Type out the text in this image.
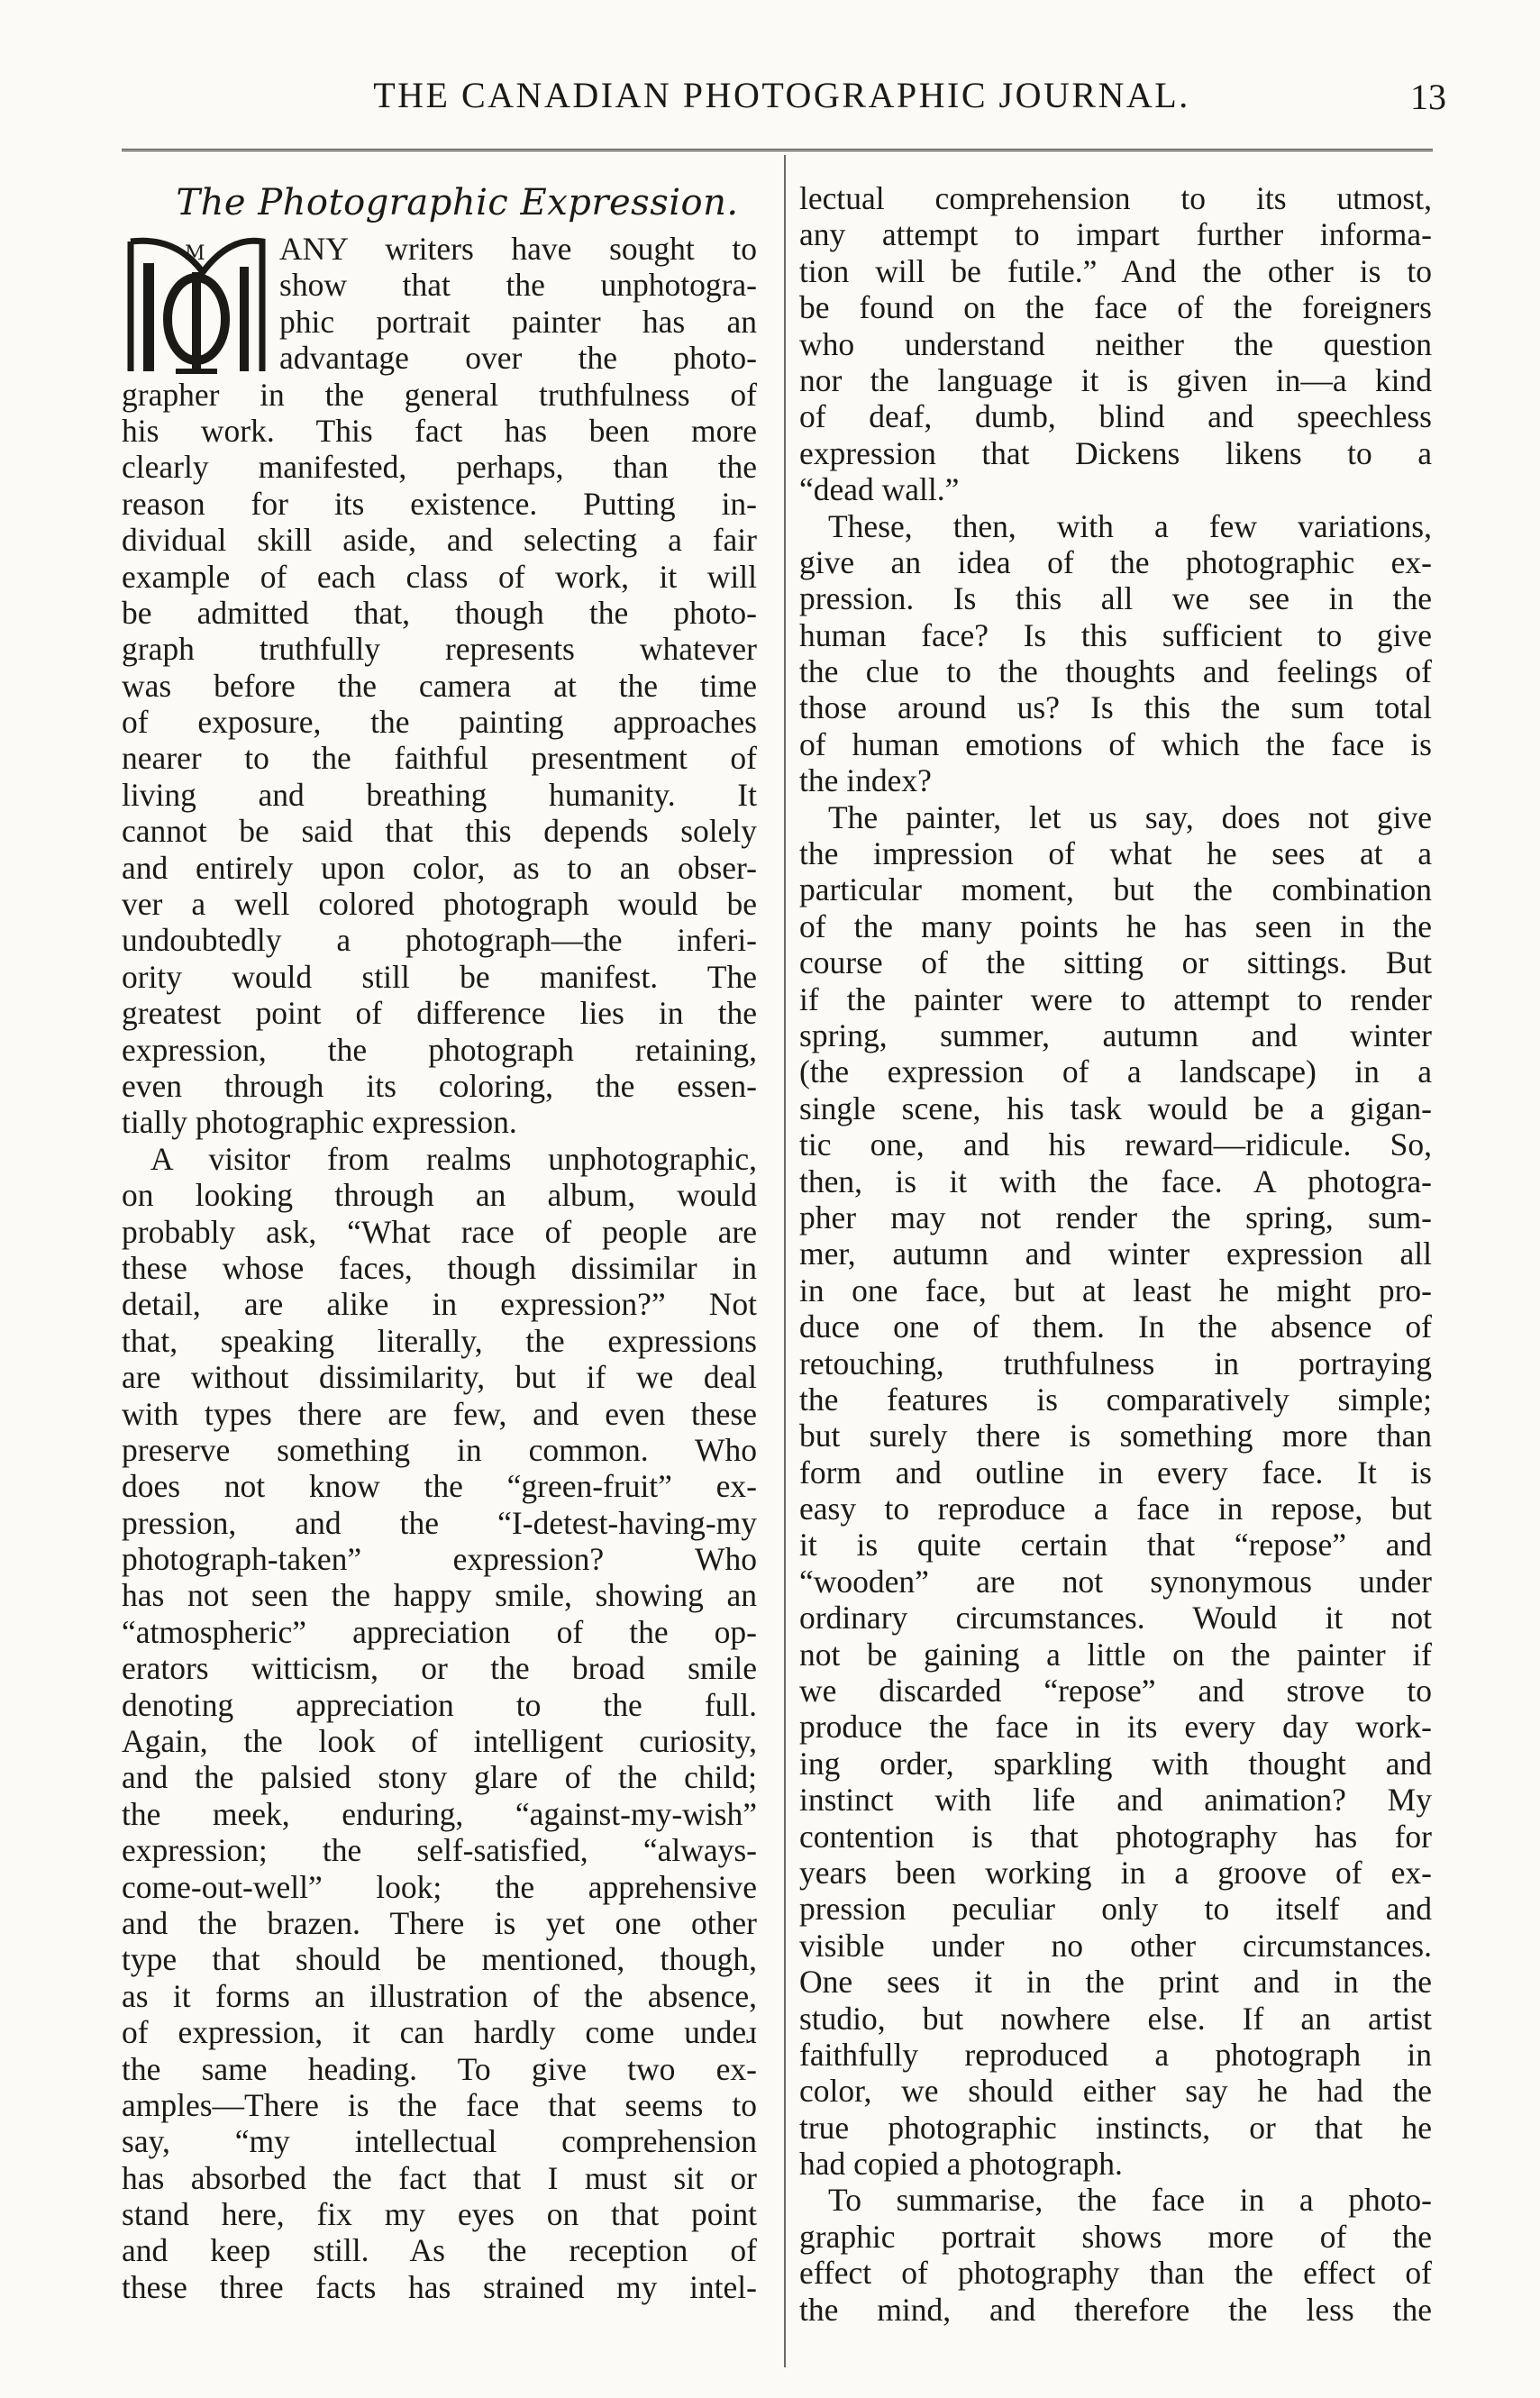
THE CANADIAN PHOTOGRAPHIC JOURNAL.	13
The Photographic Expression.
M	ANY writers have sought to
show that the unphotogra-
phic portrait painter has an
advantage over the photo-
grapher in the general truthfulness of
his work. This fact has been more
clearly manifested, perhaps, than the
reason for its existence. Putting in-
dividual skill aside, and selecting a fair
example of each class of work, it will
be admitted that, though the photo-
graph truthfully represents whatever
was before the camera at the time
of exposure, the painting approaches
nearer to the faithful presentment of
living and breathing humanity. It
cannot be said that this depends solely
and entirely upon color, as to an obser-
ver a well colored photograph would be
undoubtedly a photograph—the inferi-
ority would still be manifest. The
greatest point of difference lies in the
expression, the photograph retaining,
even through its coloring, the essen-
tially photographic expression.
A visitor from realms unphotographic,
on looking through an album, would
probably ask, “What race of people are
these whose faces, though dissimilar in
detail, are alike in expression?” Not
that, speaking literally, the expressions
are without dissimilarity, but if we deal
with types there are few, and even these
preserve something in common. Who
does not know the “green-fruit” ex-
pression, and the “I-detest-having-my
photograph-taken” expression? Who
has not seen the happy smile, showing an
“atmospheric” appreciation of the op-
erators witticism, or the broad smile
denoting appreciation to the full.
Again, the look of intelligent curiosity,
and the palsied stony glare of the child;
the meek, enduring, “against-my-wish”
expression; the self-satisfied, “always-
come-out-well” look; the apprehensive
and the brazen. There is yet one other
type that should be mentioned, though,
as it forms an illustration of the absence,
of expression, it can hardly come undeɹ
the same heading. To give two ex-
amples—There is the face that seems to
say, “my intellectual comprehension
has absorbed the fact that I must sit or
stand here, fix my eyes on that point
and keep still. As the reception of
these three facts has strained my intel-
lectual comprehension to its utmost,
any attempt to impart further informa-
tion will be futile.” And the other is to
be found on the face of the foreigners
who understand neither the question
nor the language it is given in—a kind
of deaf, dumb, blind and speechless
expression that Dickens likens to a
“dead wall.”
These, then, with a few variations,
give an idea of the photographic ex-
pression. Is this all we see in the
human face? Is this sufficient to give
the clue to the thoughts and feelings of
those around us? Is this the sum total
of human emotions of which the face is
the index?
The painter, let us say, does not give
the impression of what he sees at a
particular moment, but the combination
of the many points he has seen in the
course of the sitting or sittings. But
if the painter were to attempt to render
spring, summer, autumn and winter
(the expression of a landscape) in a
single scene, his task would be a gigan-
tic one, and his reward—ridicule. So,
then, is it with the face. A photogra-
pher may not render the spring, sum-
mer, autumn and winter expression all
in one face, but at least he might pro-
duce one of them. In the absence of
retouching, truthfulness in portraying
the features is comparatively simple;
but surely there is something more than
form and outline in every face. It is
easy to reproduce a face in repose, but
it is quite certain that “repose” and
“wooden” are not synonymous under
ordinary circumstances. Would it not
not be gaining a little on the painter if
we discarded “repose” and strove to
produce the face in its every day work-
ing order, sparkling with thought and
instinct with life and animation? My
contention is that photography has for
years been working in a groove of ex-
pression peculiar only to itself and
visible under no other circumstances.
One sees it in the print and in the
studio, but nowhere else. If an artist
faithfully reproduced a photograph in
color, we should either say he had the
true photographic instincts, or that he
had copied a photograph.
To summarise, the face in a photo-
graphic portrait shows more of the
effect of photography than the effect of
the mind, and therefore the less the
